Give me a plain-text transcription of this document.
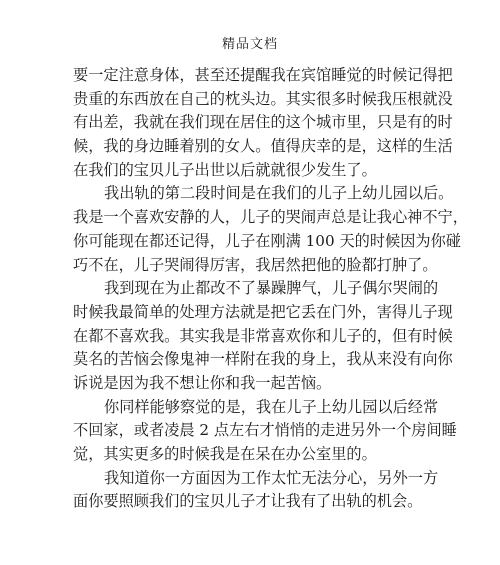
精品文档
要一定注意身体，甚至还提醒我在宾馆睡觉的时候记得把
贵重的东西放在自己的枕头边。其实很多时候我压根就没
有出差，我就在我们现在居住的这个城市里，只是有的时
候，我的身边睡着别的女人。值得庆幸的是，这样的生活
在我们的宝贝儿子出世以后就就很少发生了。
我出轨的第二段时间是在我们的儿子上幼儿园以后。
我是一个喜欢安静的人，儿子的哭闹声总是让我心神不宁，
你可能现在都还记得，儿子在刚满 100 天的时候因为你碰
巧不在，儿子哭闹得厉害，我居然把他的脸都打肿了。
我到现在为止都改不了暴躁脾气，儿子偶尔哭闹的
时候我最简单的处理方法就是把它丢在门外，害得儿子现
在都不喜欢我。其实我是非常喜欢你和儿子的，但有时候
莫名的苦恼会像鬼神一样附在我的身上，我从来没有向你
诉说是因为我不想让你和我一起苦恼。
你同样能够察觉的是，我在儿子上幼儿园以后经常
不回家，或者凌晨 2 点左右才悄悄的走进另外一个房间睡
觉，其实更多的时候我是在呆在办公室里的。
我知道你一方面因为工作太忙无法分心，另外一方
面你要照顾我们的宝贝儿子才让我有了出轨的机会。
